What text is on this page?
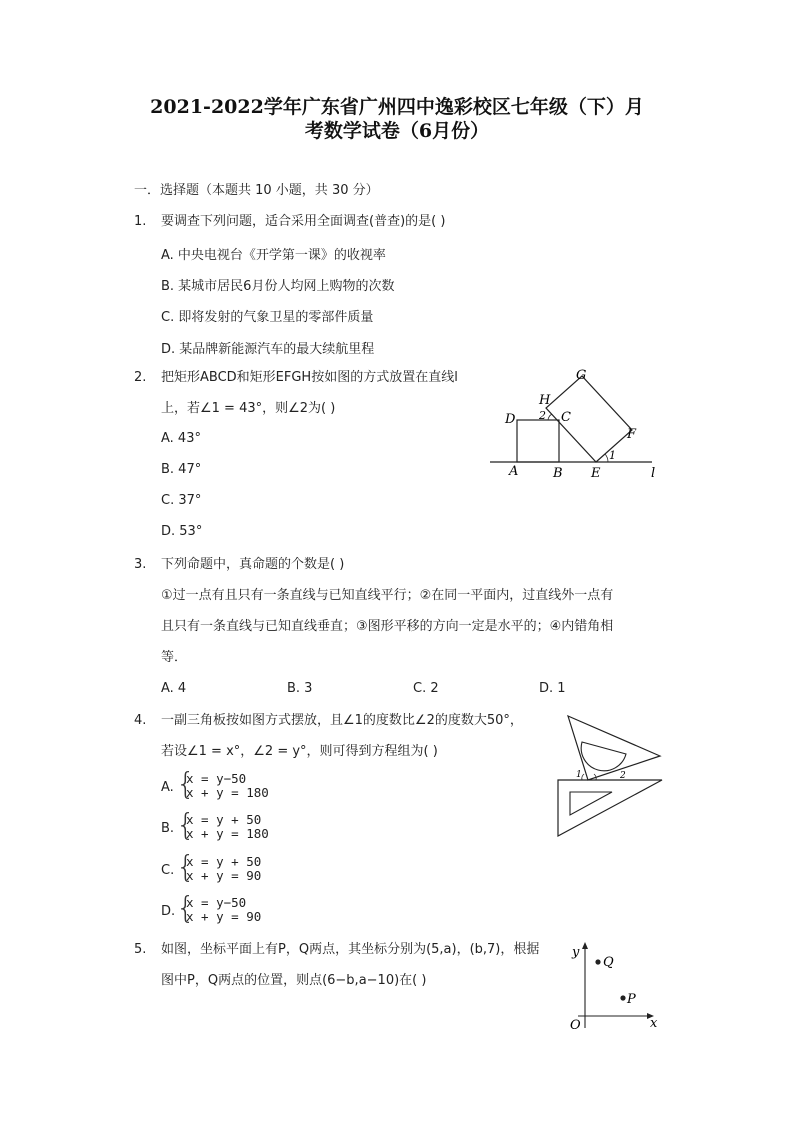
2021-2022学年广东省广州四中逸彩校区七年级（下）月
考数学试卷（6月份）
一．选择题（本题共 10 小题，共 30 分）
1. 要调查下列问题，适合采用全面调查(普查)的是( )
A. 中央电视台《开学第一课》的收视率
B. 某城市居民6月份人均网上购物的次数
C. 即将发射的气象卫星的零部件质量
D. 某品牌新能源汽车的最大续航里程
2. 把矩形ABCD和矩形EFGH按如图的方式放置在直线l
上，若∠1 = 43°，则∠2为( )
A. 43°
B. 47°
C. 37°
D. 53°
G
H
2 C
D
F
1
A	B E	l
3. 下列命题中，真命题的个数是( )
①过一点有且只有一条直线与已知直线平行；②在同一平面内，过直线外一点有
且只有一条直线与已知直线垂直；③图形平移的方向一定是水平的；④内错角相
等．
A. 4	B. 3	C. 2	D. 1
4. 一副三角板按如图方式摆放，且∠1的度数比∠2的度数大50°，
若设∠1 = x°，∠2 = y°，则可得到方程组为( )
A. {
x = y−50
x + y = 180
B. {
x = y + 50
x + y = 180
C. {
x = y + 50
x + y = 90
D. {
x = y−50
x + y = 90
1	2
5. 如图，坐标平面上有P，Q两点，其坐标分别为(5,a)，(b,7)，根据
图中P，Q两点的位置，则点(6−b,a−10)在( )
y
Q
P
O	x
